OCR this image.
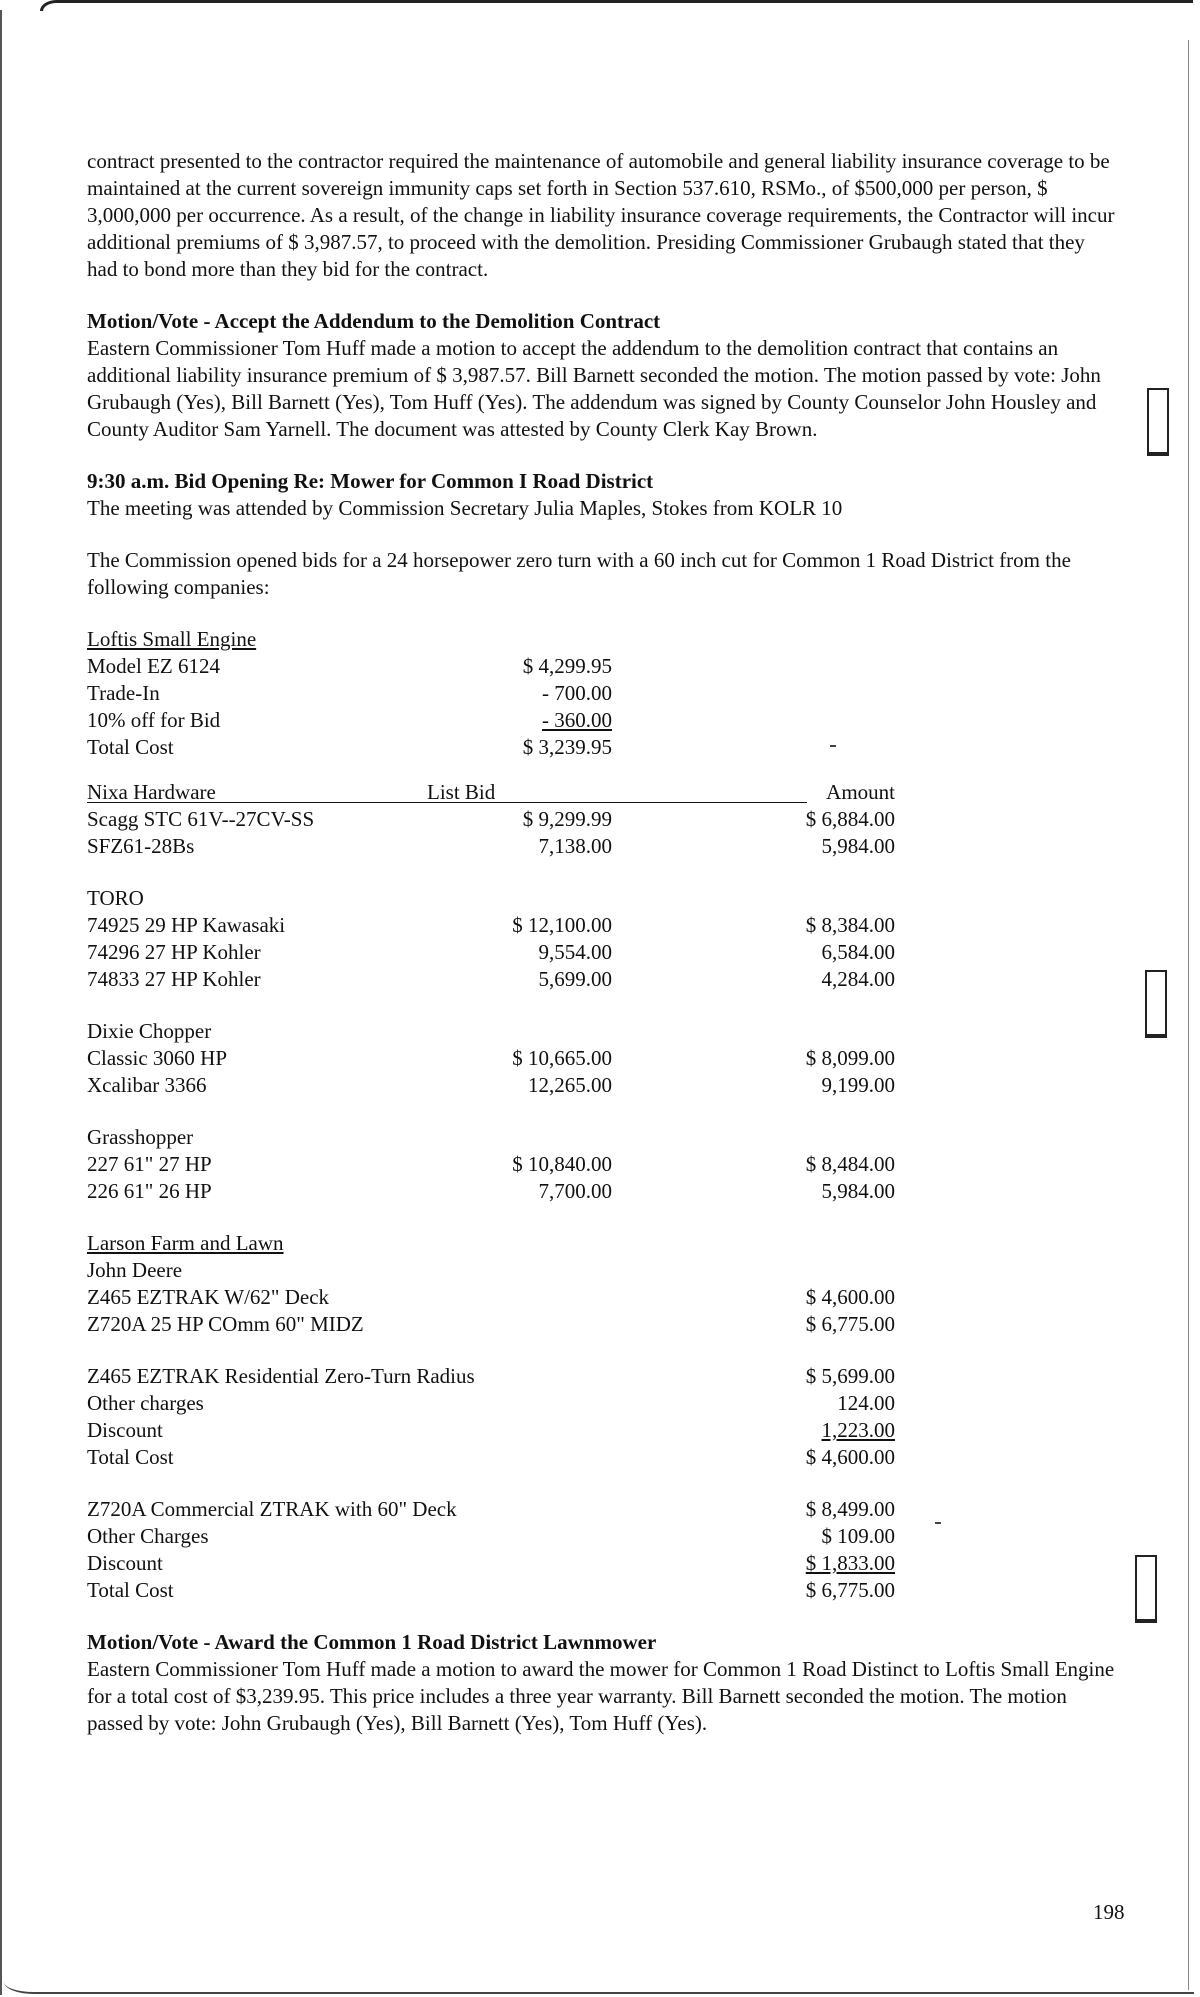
contract presented to the contractor required the maintenance of automobile and general liability insurance coverage to be maintained at the current sovereign immunity caps set forth in Section 537.610, RSMo., of $500,000 per person, $ 3,000,000 per occurrence. As a result, of the change in liability insurance coverage requirements, the Contractor will incur additional premiums of $ 3,987.57, to proceed with the demolition. Presiding Commissioner Grubaugh stated that they had to bond more than they bid for the contract.

Motion/Vote - Accept the Addendum to the Demolition Contract

Eastern Commissioner Tom Huff made a motion to accept the addendum to the demolition contract that contains an additional liability insurance premium of $ 3,987.57. Bill Barnett seconded the motion. The motion passed by vote: John Grubaugh (Yes), Bill Barnett (Yes), Tom Huff (Yes). The addendum was signed by County Counselor John Housley and County Auditor Sam Yarnell. The document was attested by County Clerk Kay Brown.

9:30 a.m. Bid Opening Re: Mower for Common I Road District

The meeting was attended by Commission Secretary Julia Maples, Stokes from KOLR 10

The Commission opened bids for a 24 horsepower zero turn with a 60 inch cut for Common 1 Road District from the following companies:

Loftis Small Engine
Model EZ 6124	$ 4,299.95
Trade-In	- 700.00
10% off for Bid	- 360.00
Total Cost	$ 3,239.95
Nixa Hardware	List Bid	Amount
Scagg STC 61V--27CV-SS	$ 9,299.99	$ 6,884.00
SFZ61-28Bs	7,138.00	5,984.00
TORO
74925 29 HP Kawasaki	$ 12,100.00	$ 8,384.00
74296 27 HP Kohler	9,554.00	6,584.00
74833 27 HP Kohler	5,699.00	4,284.00
Dixie Chopper
Classic 3060 HP	$ 10,665.00	$ 8,099.00
Xcalibar 3366	12,265.00	9,199.00
Grasshopper
227 61" 27 HP	$ 10,840.00	$ 8,484.00
226 61" 26 HP	7,700.00	5,984.00
Larson Farm and Lawn
John Deere
Z465 EZTRAK W/62" Deck	$ 4,600.00
Z720A 25 HP COmm 60" MIDZ	$ 6,775.00
Z465 EZTRAK Residential Zero-Turn Radius	$ 5,699.00
Other charges	124.00
Discount	1,223.00
Total Cost	$ 4,600.00
Z720A Commercial ZTRAK with 60" Deck	$ 8,499.00
Other Charges	$ 109.00
Discount	$ 1,833.00
Total Cost	$ 6,775.00

Motion/Vote - Award the Common 1 Road District Lawnmower

Eastern Commissioner Tom Huff made a motion to award the mower for Common 1 Road Distinct to Loftis Small Engine for a total cost of $3,239.95. This price includes a three year warranty. Bill Barnett seconded the motion. The motion passed by vote: John Grubaugh (Yes), Bill Barnett (Yes), Tom Huff (Yes).

198
